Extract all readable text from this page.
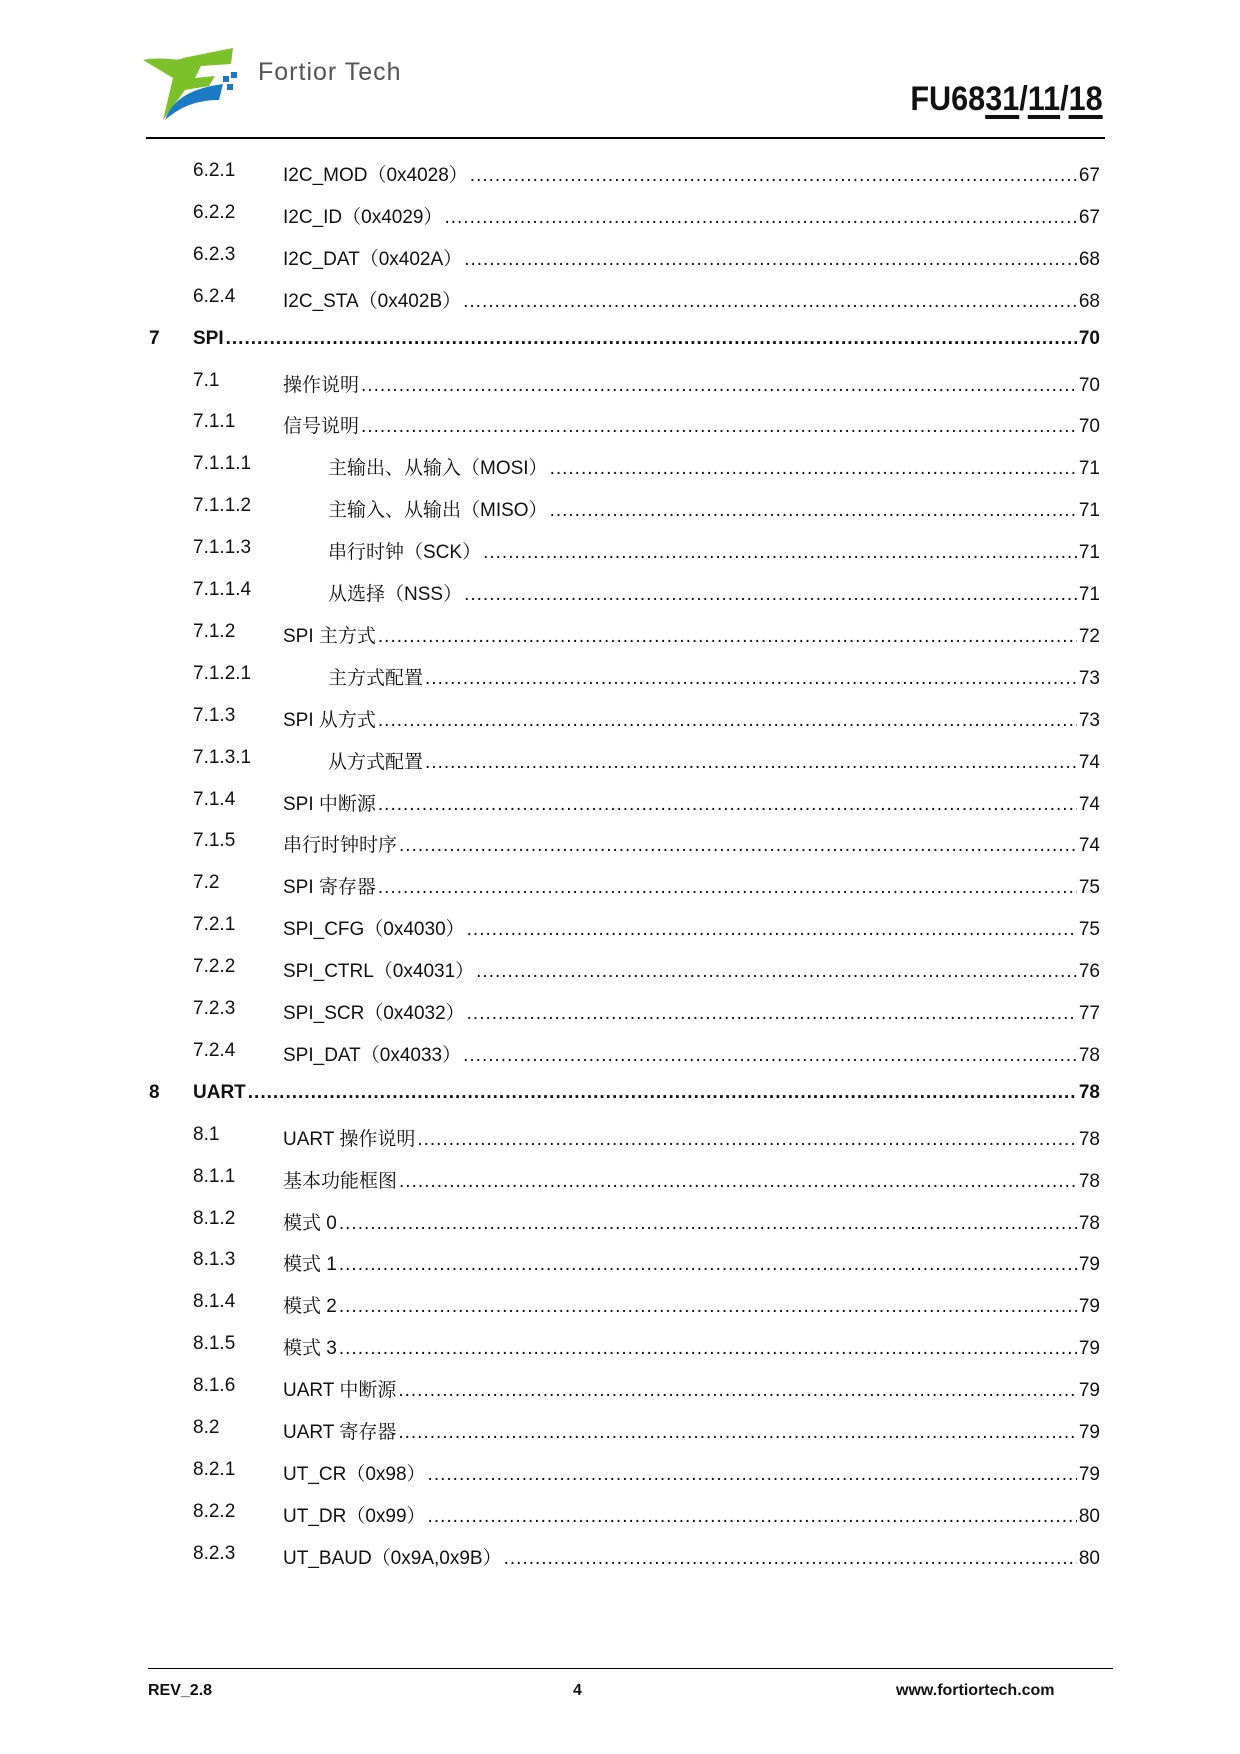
Fortior Tech
FU6831/11/18
6.2.1	I2C_MOD（0x4028） .....	67
6.2.2	I2C_ID（0x4029） .....	67
6.2.3	I2C_DAT（0x402A） .....	68
6.2.4	I2C_STA（0x402B） .....	68
7 SPI .....	70
7.1	操作说明 .....	70
7.1.1	信号说明 .....	70
7.1.1.1	主输出、从输入（MOSI） .....	71
7.1.1.2	主输入、从输出（MISO） .....	71
7.1.1.3	串行时钟（SCK） .....	71
7.1.1.4	从选择（NSS） .....	71
7.1.2	SPI 主方式 .....	72
7.1.2.1	主方式配置 .....	73
7.1.3	SPI 从方式 .....	73
7.1.3.1	从方式配置 .....	74
7.1.4	SPI 中断源 .....	74
7.1.5	串行时钟时序 .....	74
7.2	SPI 寄存器 .....	75
7.2.1	SPI_CFG（0x4030） .....	75
7.2.2	SPI_CTRL（0x4031） .....	76
7.2.3	SPI_SCR（0x4032） .....	77
7.2.4	SPI_DAT（0x4033） .....	78
8 UART .....	78
8.1	UART 操作说明 .....	78
8.1.1	基本功能框图 .....	78
8.1.2	模式 0 .....	78
8.1.3	模式 1 .....	79
8.1.4	模式 2 .....	79
8.1.5	模式 3 .....	79
8.1.6	UART 中断源 .....	79
8.2	UART 寄存器 .....	79
8.2.1	UT_CR（0x98） .....	79
8.2.2	UT_DR（0x99） .....	80
8.2.3	UT_BAUD（0x9A,0x9B） .....	80
REV_2.8	4	www.fortiortech.com
